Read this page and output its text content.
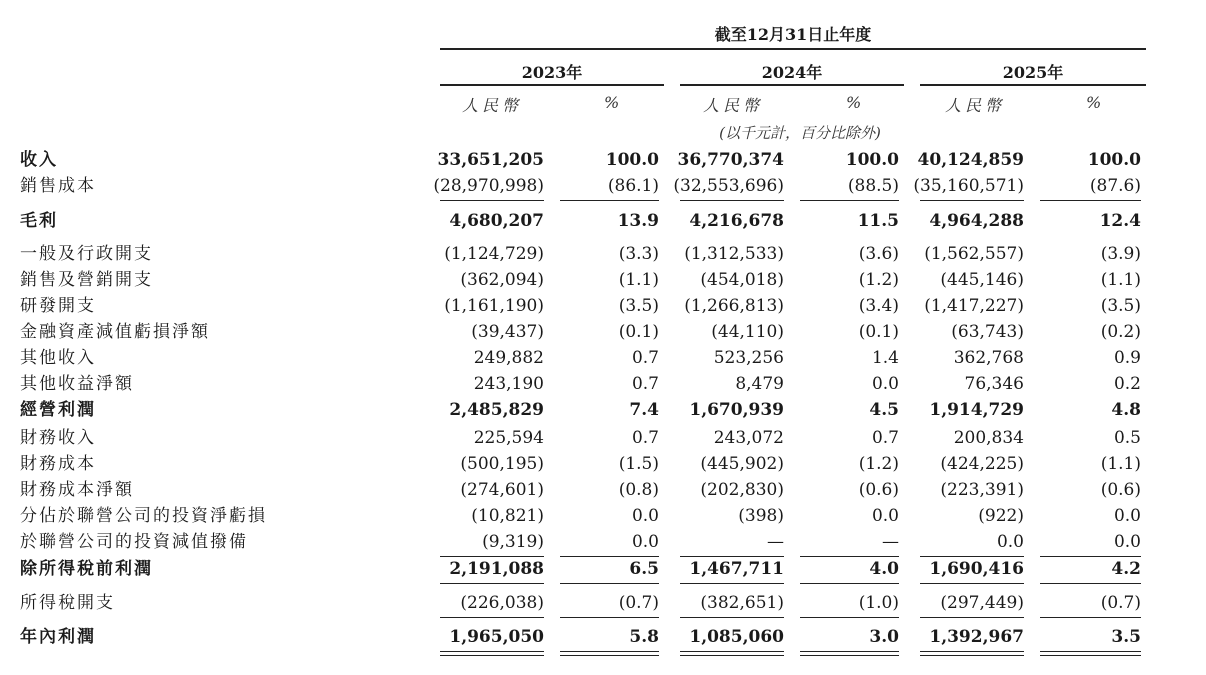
截至12月31日止年度
2023年	2024年	2025年
人民幣	%	人民幣	%	人民幣	%
(以千元計，百分比除外)
收入	33,651,205	100.0	36,770,374	100.0	40,124,859	100.0
銷售成本	(28,970,998)	(86.1) (32,553,696)	(88.5) (35,160,571)	(87.6)
毛利	4,680,207	13.9	4,216,678	11.5	4,964,288	12.4
一般及行政開支	(1,124,729)	(3.3)	(1,312,533)	(3.6)	(1,562,557)	(3.9)
銷售及營銷開支	(362,094)	(1.1)	(454,018)	(1.2)	(445,146)	(1.1)
研發開支	(1,161,190)	(3.5)	(1,266,813)	(3.4)	(1,417,227)	(3.5)
金融資產減值虧損淨額	(39,437)	(0.1)	(44,110)	(0.1)	(63,743)	(0.2)
其他收入	249,882	0.7	523,256	1.4	362,768	0.9
其他收益淨額	243,190	0.7	8,479	0.0	76,346	0.2
經營利潤	2,485,829	7.4	1,670,939	4.5	1,914,729	4.8
財務收入	225,594	0.7	243,072	0.7	200,834	0.5
財務成本	(500,195)	(1.5)	(445,902)	(1.2)	(424,225)	(1.1)
財務成本淨額	(274,601)	(0.8)	(202,830)	(0.6)	(223,391)	(0.6)
分佔於聯營公司的投資淨虧損	(10,821)	0.0	(398)	0.0	(922)	0.0
於聯營公司的投資減值撥備	(9,319)	0.0	—	—	0.0	0.0
除所得稅前利潤	2,191,088	6.5	1,467,711	4.0	1,690,416	4.2
所得稅開支	(226,038)	(0.7)	(382,651)	(1.0)	(297,449)	(0.7)
年內利潤	1,965,050	5.8	1,085,060	3.0	1,392,967	3.5
